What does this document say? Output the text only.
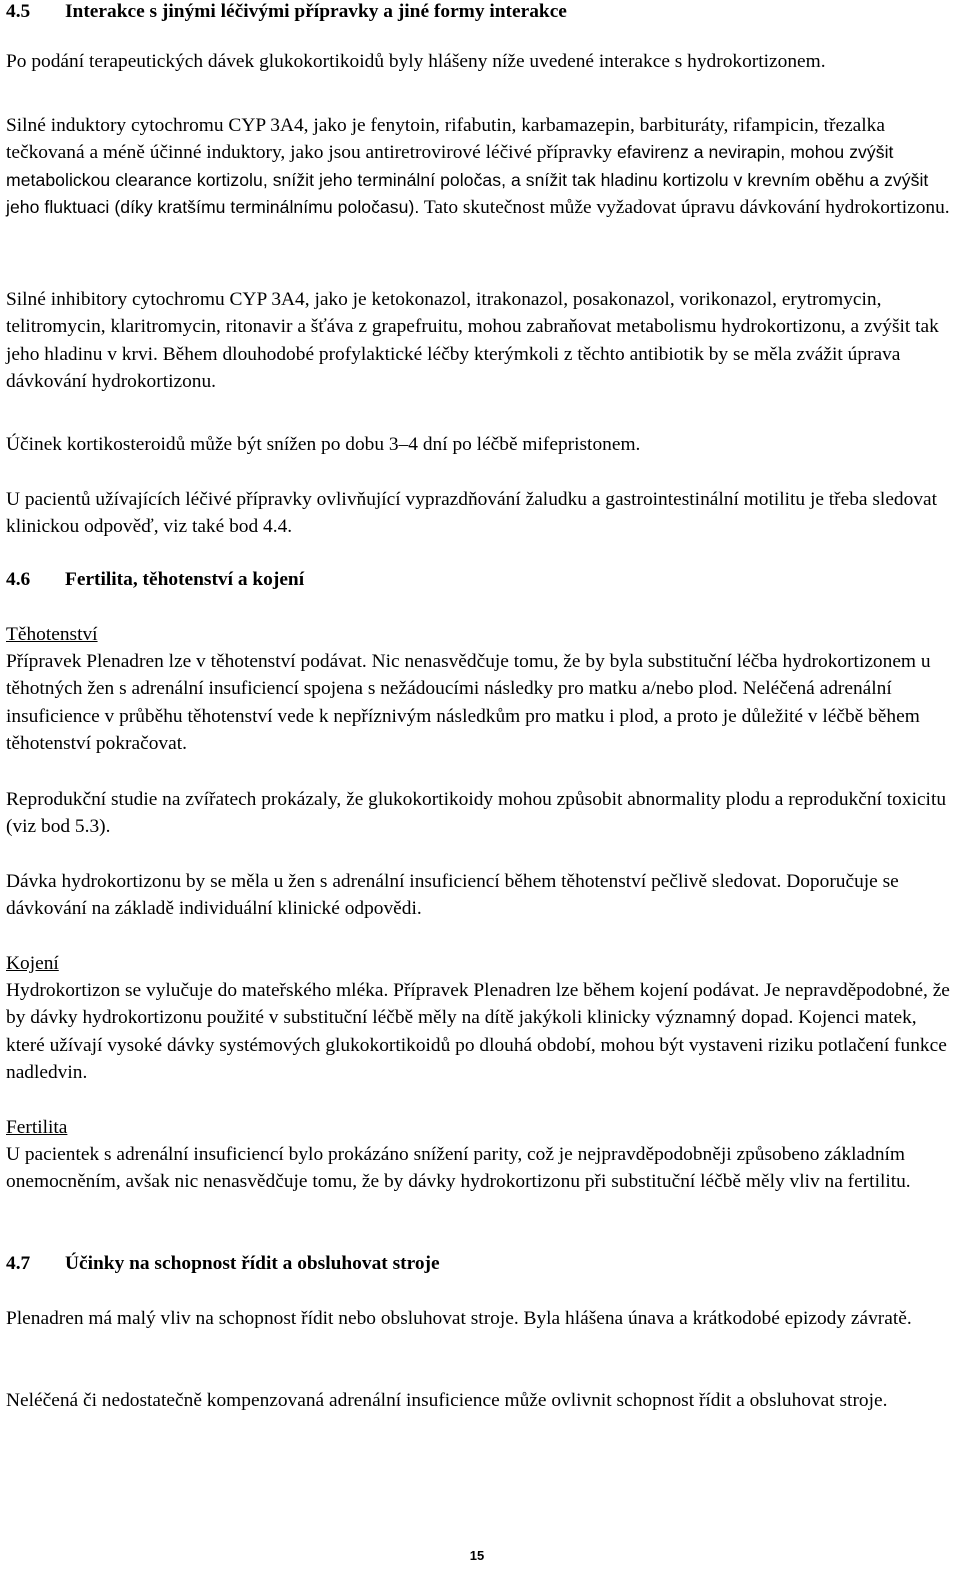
4.5 Interakce s jinými léčivými přípravky a jiné formy interakce

Po podání terapeutických dávek glukokortikoidů byly hlášeny níže uvedené interakce s hydrokortizonem.

Silné induktory cytochromu CYP 3A4, jako je fenytoin, rifabutin, karbamazepin, barbituráty, rifampicin, třezalka tečkovaná a méně účinné induktory, jako jsou antiretrovirové léčivé přípravky efavirenz a nevirapin, mohou zvýšit metabolickou clearance kortizolu, snížit jeho terminální poločas, a snížit tak hladinu kortizolu v krevním oběhu a zvýšit jeho fluktuaci (díky kratšímu terminálnímu poločasu). Tato skutečnost může vyžadovat úpravu dávkování hydrokortizonu.

Silné inhibitory cytochromu CYP 3A4, jako je ketokonazol, itrakonazol, posakonazol, vorikonazol, erytromycin, telitromycin, klaritromycin, ritonavir a šťáva z grapefruitu, mohou zabraňovat metabolismu hydrokortizonu, a zvýšit tak jeho hladinu v krvi. Během dlouhodobé profylaktické léčby kterýmkoli z těchto antibiotik by se měla zvážit úprava dávkování hydrokortizonu.

Účinek kortikosteroidů může být snížen po dobu 3–4 dní po léčbě mifepristonem.

U pacientů užívajících léčivé přípravky ovlivňující vyprazdňování žaludku a gastrointestinální motilitu je třeba sledovat klinickou odpověď, viz také bod 4.4.

4.6 Fertilita, těhotenství a kojení

Těhotenství

Přípravek Plenadren lze v těhotenství podávat. Nic nenasvědčuje tomu, že by byla substituční léčba hydrokortizonem u těhotných žen s adrenální insuficiencí spojena s nežádoucími následky pro matku a/nebo plod. Neléčená adrenální insuficience v průběhu těhotenství vede k nepříznivým následkům pro matku i plod, a proto je důležité v léčbě během těhotenství pokračovat.

Reprodukční studie na zvířatech prokázaly, že glukokortikoidy mohou způsobit abnormality plodu a reprodukční toxicitu (viz bod 5.3).

Dávka hydrokortizonu by se měla u žen s adrenální insuficiencí během těhotenství pečlivě sledovat. Doporučuje se dávkování na základě individuální klinické odpovědi.

Kojení

Hydrokortizon se vylučuje do mateřského mléka. Přípravek Plenadren lze během kojení podávat. Je nepravděpodobné, že by dávky hydrokortizonu použité v substituční léčbě měly na dítě jakýkoli klinicky významný dopad. Kojenci matek, které užívají vysoké dávky systémových glukokortikoidů po dlouhá období, mohou být vystaveni riziku potlačení funkce nadledvin.

Fertilita

U pacientek s adrenální insuficiencí bylo prokázáno snížení parity, což je nejpravděpodobněji způsobeno základním onemocněním, avšak nic nenasvědčuje tomu, že by dávky hydrokortizonu při substituční léčbě měly vliv na fertilitu.

4.7 Účinky na schopnost řídit a obsluhovat stroje

Plenadren má malý vliv na schopnost řídit nebo obsluhovat stroje. Byla hlášena únava a krátkodobé epizody závratě.

Neléčená či nedostatečně kompenzovaná adrenální insuficience může ovlivnit schopnost řídit a obsluhovat stroje.

15
